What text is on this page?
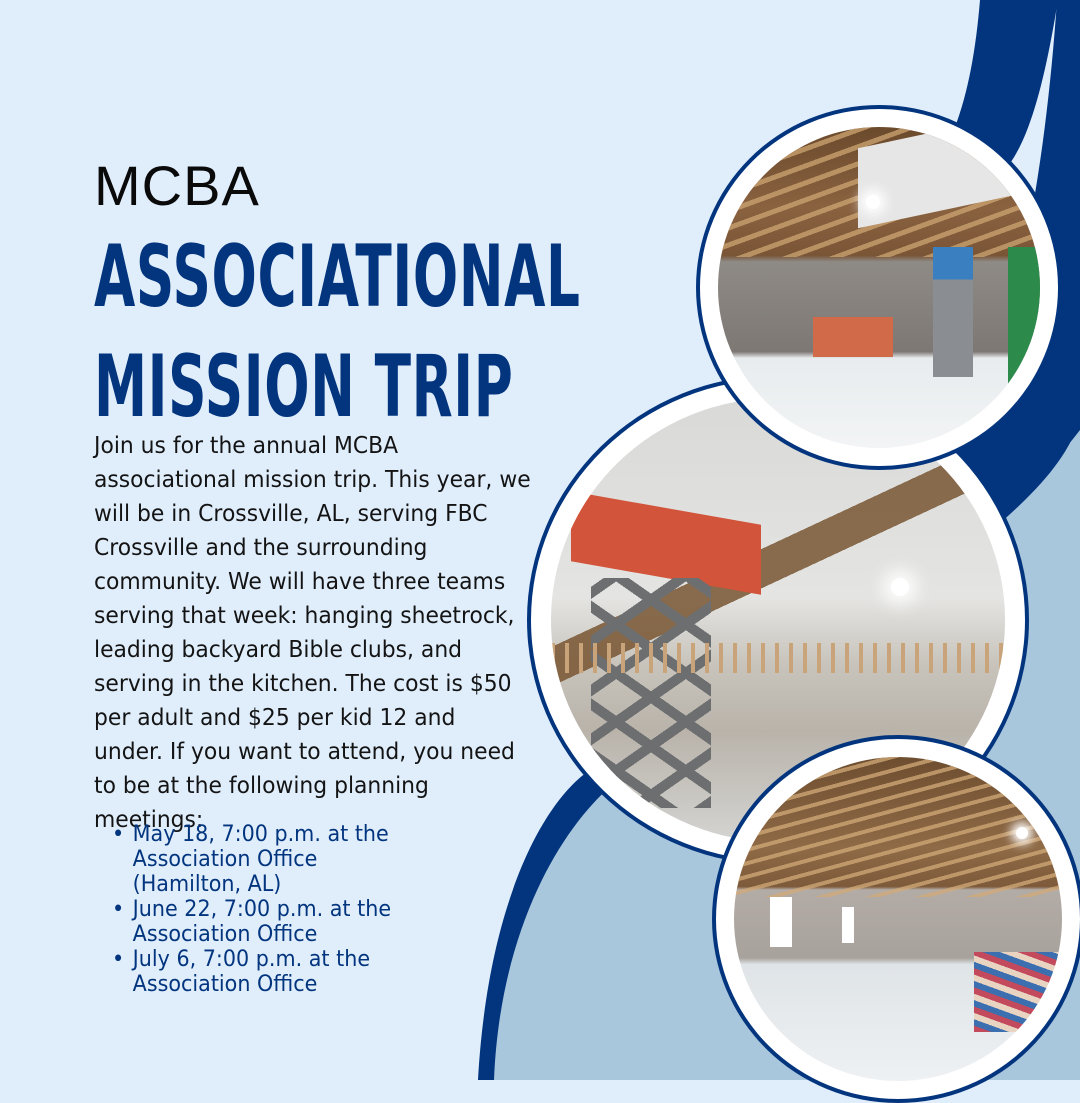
MCBA
ASSOCIATIONAL
MISSION TRIP
Join us for the annual MCBA associational mission trip. This year, we will be in Crossville, AL, serving FBC Crossville and the surrounding community. We will have three teams serving that week: hanging sheetrock, leading backyard Bible clubs, and serving in the kitchen. The cost is $50 per adult and $25 per kid 12 and under. If you want to attend, you need to be at the following planning meetings:
• May 18, 7:00 p.m. at the Association Office (Hamilton, AL)
• June 22, 7:00 p.m. at the Association Office
• July 6, 7:00 p.m. at the Association Office
